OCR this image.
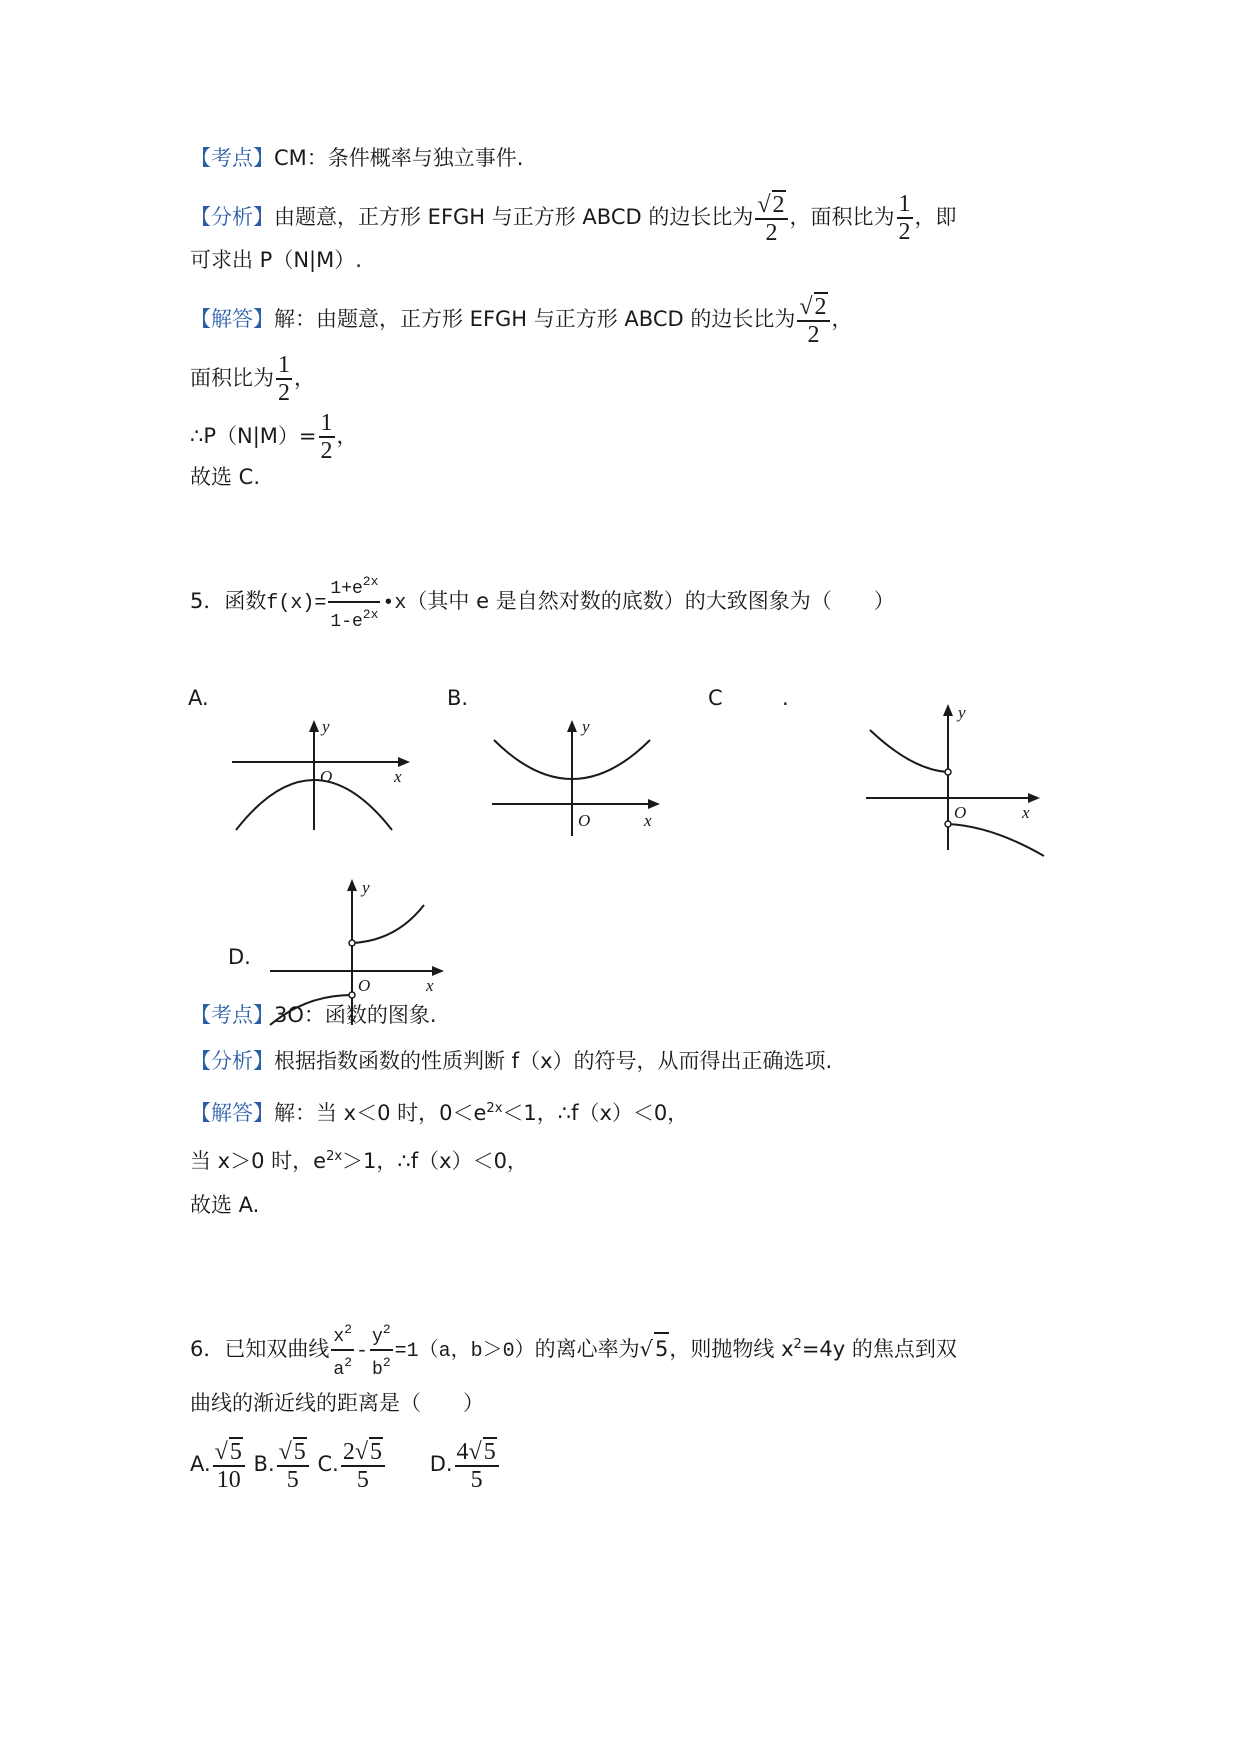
【考点】CM：条件概率与独立事件.
【分析】由题意，正方形 EFGH 与正方形 ABCD 的边长比为 $\frac{√2}{2}$ ，面积比为 $\frac{1}{2}$ ，即
可求出 P（N|M）.
【解答】解：由题意，正方形 EFGH 与正方形 ABCD 的边长比为 $\frac{√2}{2}$ ，
面积比为 $\frac{1}{2}$ ，
∴P（N|M）= $\frac{1}{2}$ ，
故选 C.
5．函数$f(x)= \frac{1+e^{2x}}{1-e^{2x}}$ •x（其中 e 是自然对数的底数）的大致图象为（　　）
A.	B.	C	.
D.
y
O	x
y
O	x
y
O	x
y
O	x
【考点】3O：函数的图象.
【分析】根据指数函数的性质判断 f（x）的符号，从而得出正确选项.
【解答】解：当 x＜0 时，$0<e^{2x}<1$，∴f（x）＜0，
当 x＞0 时，$e^{2x}>1$，∴f（x）＜0，
故选 A.
6．已知双曲线 $\frac{x^2}{a^2} - \frac{y^2}{b^2} =1(a$，b＞0）的离心率为√5，则抛物线 $x^2=4y$ 的焦点到双
曲线的渐近线的距离是（　　）
A. $\frac{√5}{10} B$. $\frac{√5}{5} C$. $\frac{2√5}{5} D$. $\frac{4√5}{5}$
